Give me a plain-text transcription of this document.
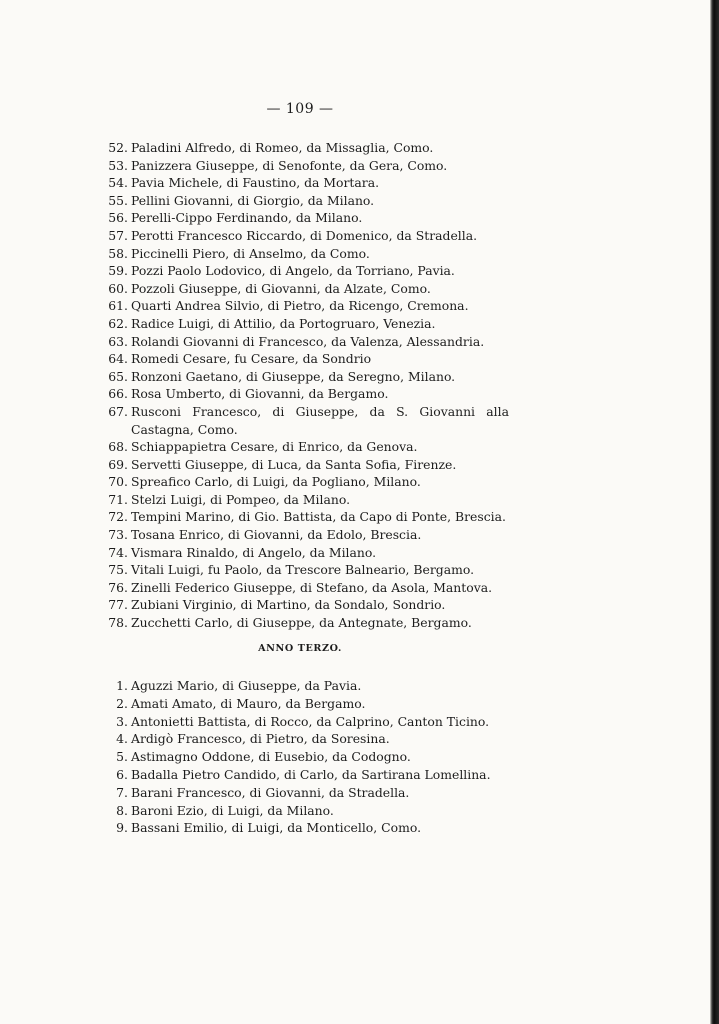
— 109 —
52. Paladini Alfredo, di Romeo, da Missaglia, Como.
53. Panizzera Giuseppe, di Senofonte, da Gera, Como.
54. Pavia Michele, di Faustino, da Mortara.
55. Pellini Giovanni, di Giorgio, da Milano.
56. Perelli-Cippo Ferdinando, da Milano.
57. Perotti Francesco Riccardo, di Domenico, da Stradella.
58. Piccinelli Piero, di Anselmo, da Como.
59. Pozzi Paolo Lodovico, di Angelo, da Torriano, Pavia.
60. Pozzoli Giuseppe, di Giovanni, da Alzate, Como.
61. Quarti Andrea Silvio, di Pietro, da Ricengo, Cremona.
62. Radice Luigi, di Attilio, da Portogruaro, Venezia.
63. Rolandi Giovanni di Francesco, da Valenza, Alessandria.
64. Romedi Cesare, fu Cesare, da Sondrio
65. Ronzoni Gaetano, di Giuseppe, da Seregno, Milano.
66. Rosa Umberto, di Giovanni, da Bergamo.
67. Rusconi Francesco, di Giuseppe, da S. Giovanni alla Castagna, Como.
68. Schiappapietra Cesare, di Enrico, da Genova.
69. Servetti Giuseppe, di Luca, da Santa Sofia, Firenze.
70. Spreafico Carlo, di Luigi, da Pogliano, Milano.
71. Stelzi Luigi, di Pompeo, da Milano.
72. Tempini Marino, di Gio. Battista, da Capo di Ponte, Brescia.
73. Tosana Enrico, di Giovanni, da Edolo, Brescia.
74. Vismara Rinaldo, di Angelo, da Milano.
75. Vitali Luigi, fu Paolo, da Trescore Balneario, Bergamo.
76. Zinelli Federico Giuseppe, di Stefano, da Asola, Mantova.
77. Zubiani Virginio, di Martino, da Sondalo, Sondrio.
78. Zucchetti Carlo, di Giuseppe, da Antegnate, Bergamo.
ANNO TERZO.
1. Aguzzi Mario, di Giuseppe, da Pavia.
2. Amati Amato, di Mauro, da Bergamo.
3. Antonietti Battista, di Rocco, da Calprino, Canton Ticino.
4. Ardigò Francesco, di Pietro, da Soresina.
5. Astimagno Oddone, di Eusebio, da Codogno.
6. Badalla Pietro Candido, di Carlo, da Sartirana Lomellina.
7. Barani Francesco, di Giovanni, da Stradella.
8. Baroni Ezio, di Luigi, da Milano.
9. Bassani Emilio, di Luigi, da Monticello, Como.
